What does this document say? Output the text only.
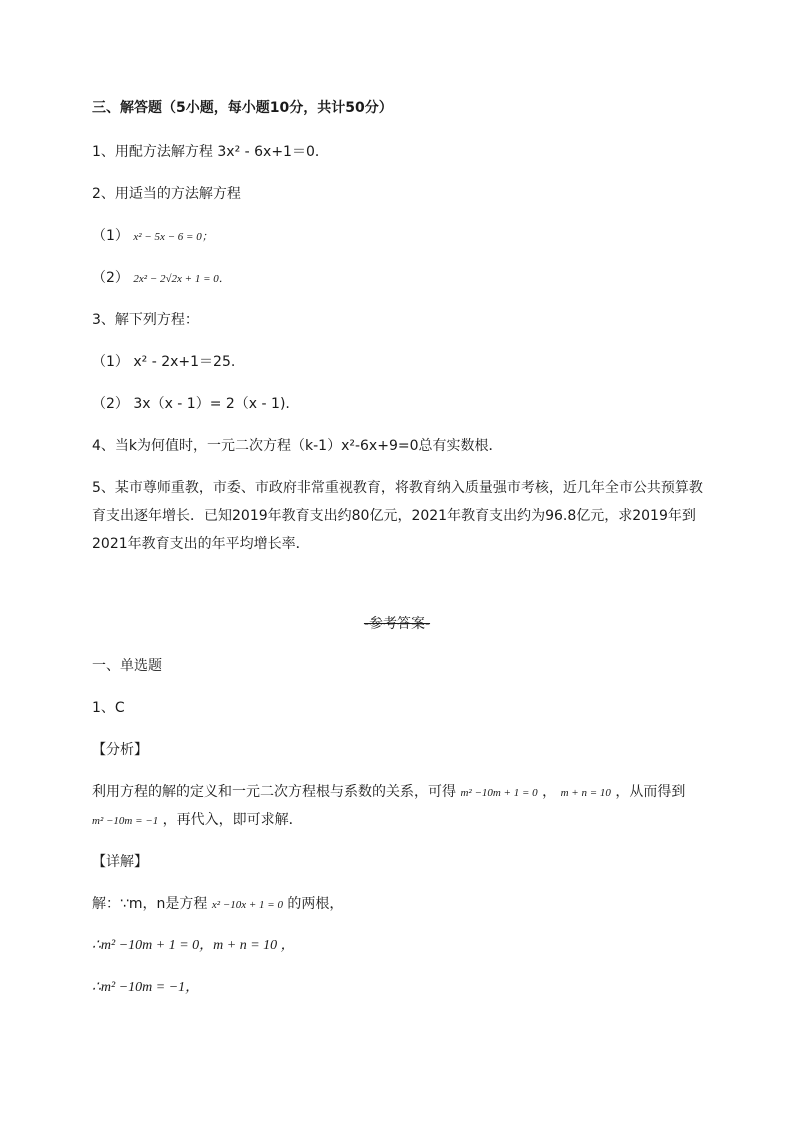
三、解答题（5小题，每小题10分，共计50分）
1、用配方法解方程 3x² - 6x+1＝0．
2、用适当的方法解方程
（1） x² − 5x − 6 = 0；
（2） 2x² − 2√2x + 1 = 0．
3、解下列方程：
（1） x² - 2x+1＝25.
（2） 3x（x - 1）= 2（x - 1).
4、当k为何值时，一元二次方程（k-1）x²-6x+9=0总有实数根．
5、某市尊师重教，市委、市政府非常重视教育，将教育纳入质量强市考核，近几年全市公共预算教
育支出逐年增长．已知2019年教育支出约80亿元，2021年教育支出约为96.8亿元，求2019年到
2021年教育支出的年平均增长率．
-参考答案-
一、单选题
1、C
【分析】
利用方程的解的定义和一元二次方程根与系数的关系，可得 m² −10m + 1 = 0 ， m + n = 10 ，从而得到
m² −10m = −1 ，再代入，即可求解．
【详解】
解：∵m，n是方程 x² −10x + 1 = 0 的两根，
∴m² −10m + 1 = 0，m + n = 10 ，
∴m² −10m = −1，
